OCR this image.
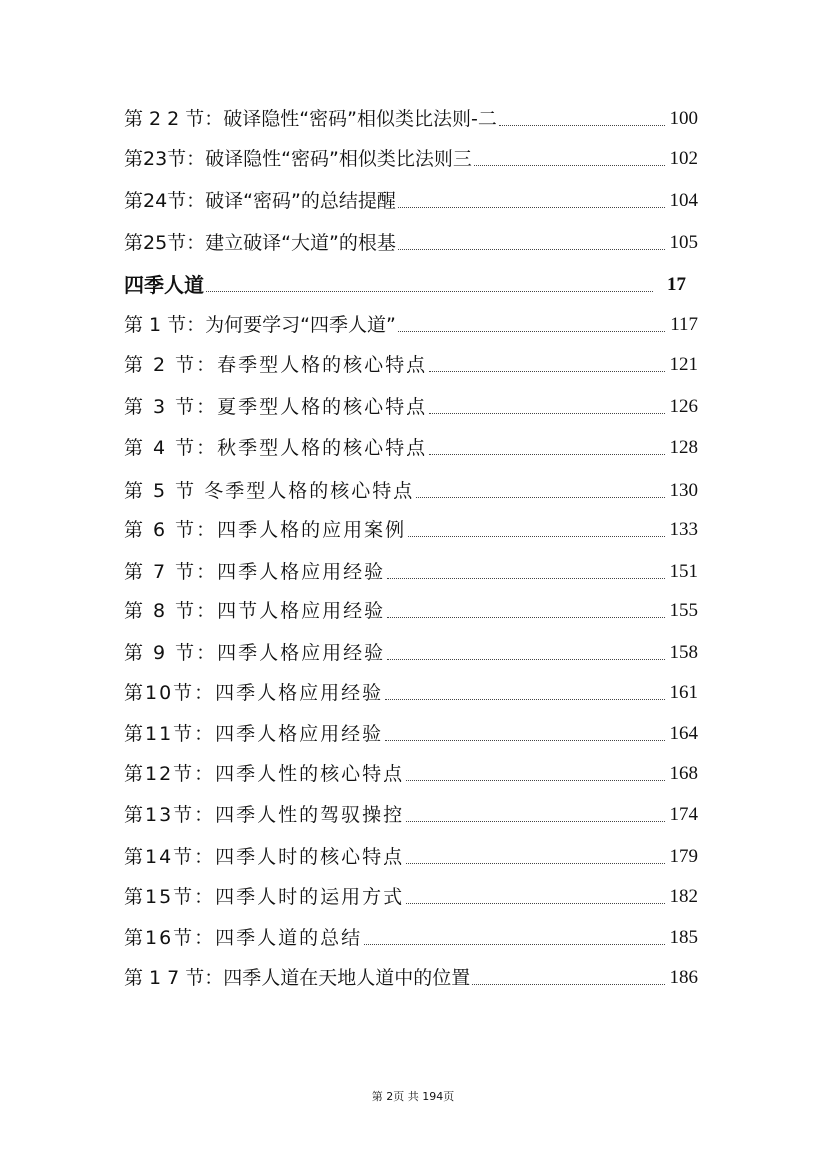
第 2 2 节：破译隐性“密码”相似类比法则-二	100
第23节：破译隐性“密码”相似类比法则三	102
第24节：破译“密码”的总结提醒	104
第25节：建立破译“大道”的根基	105
四季人道	17
第 1 节：为何要学习“四季人道”	117
第 2 节：春季型人格的核心特点	121
第 3 节：夏季型人格的核心特点	126
第 4 节：秋季型人格的核心特点	128
第 5 节 冬季型人格的核心特点	130
第 6 节：四季人格的应用案例	133
第 7 节：四季人格应用经验	151
第 8 节：四节人格应用经验	155
第 9 节：四季人格应用经验	158
第10节：四季人格应用经验	161
第11节：四季人格应用经验	164
第12节：四季人性的核心特点	168
第13节：四季人性的驾驭操控	174
第14节：四季人时的核心特点	179
第15节：四季人时的运用方式	182
第16节：四季人道的总结	185
第 1 7 节：四季人道在天地人道中的位置	186
第 2页 共 194页
